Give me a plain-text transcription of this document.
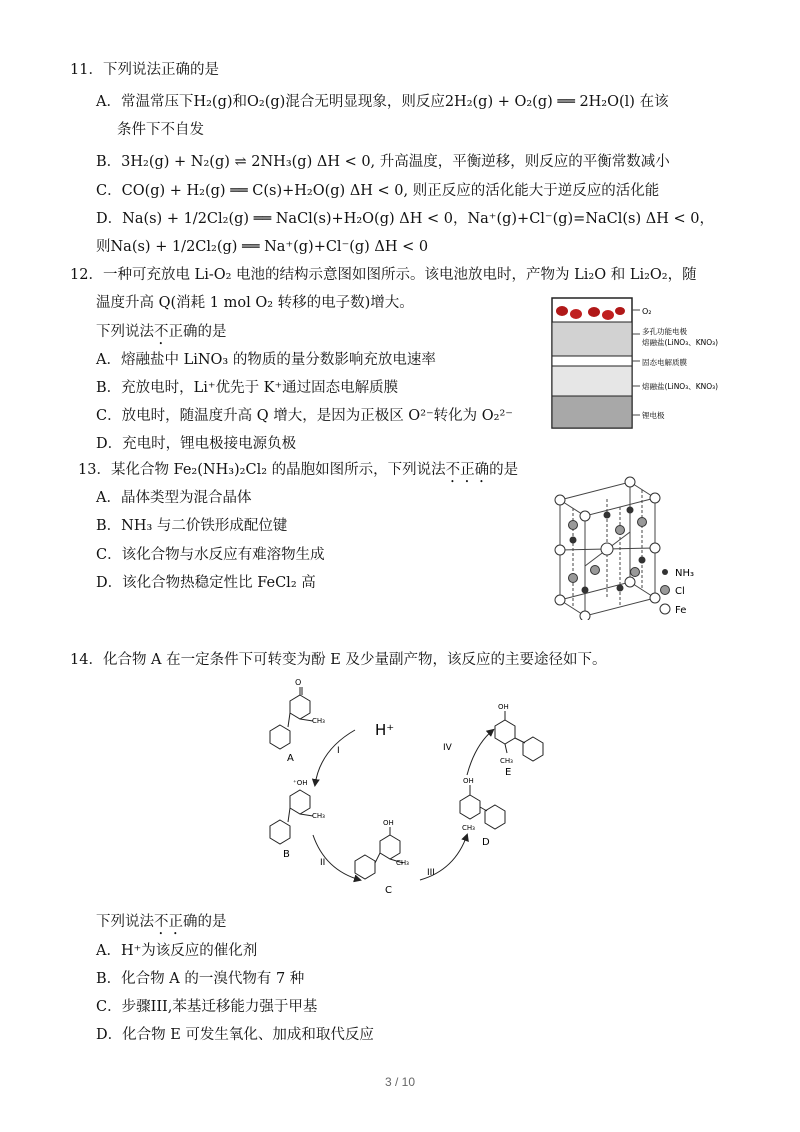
11．下列说法正确的是
A．常温常压下H₂(g)和O₂(g)混合无明显现象，则反应2H₂(g) + O₂(g) ══ 2H₂O(l) 在该
条件下不自发
B．3H₂(g) + N₂(g) ⇌ 2NH₃(g) ΔH < 0, 升高温度，平衡逆移，则反应的平衡常数减小
C．CO(g) + H₂(g) ══ C(s)+H₂O(g) ΔH < 0, 则正反应的活化能大于逆反应的活化能
D．Na(s) + 1/2Cl₂(g) ══ NaCl(s)+H₂O(g) ΔH < 0，Na⁺(g)+Cl⁻(g)=NaCl(s) ΔH < 0，
则Na(s) + 1/2Cl₂(g) ══ Na⁺(g)+Cl⁻(g) ΔH < 0
12．一种可充放电 Li-O₂ 电池的结构示意图如图所示。该电池放电时，产物为 Li₂O 和 Li₂O₂，随
温度升高 Q(消耗 1 mol O₂ 转移的电子数)增大。
下列说法不正确的是
A．熔融盐中 LiNO₃ 的物质的量分数影响充放电速率
B．充放电时，Li⁺优先于 K⁺通过固态电解质膜
C．放电时，随温度升高 Q 增大，是因为正极区 O²⁻转化为 O₂²⁻
D．充电时，锂电极接电源负极
O₂
多孔功能电极
熔融盐(LiNO₃、KNO₃)
固态电解质膜
熔融盐(LiNO₃、KNO₃)
锂电极
13．某化合物 Fe₂(NH₃)₂Cl₂ 的晶胞如图所示，下列说法不正确的是
A．晶体类型为混合晶体
B．NH₃ 与二价铁形成配位键
C．该化合物与水反应有难溶物生成
D．该化合物热稳定性比 FeCl₂ 高
NH₃
Cl
Fe
14．化合物 A 在一定条件下可转变为酚 E 及少量副产物，该反应的主要途径如下。
H⁺
O
CH₃
A
I
⁺OH
CH₃
B
II
OH
CH₃
C
III
OH
CH₃
D
IV
OH
CH₃
E
下列说法不正确的是
A．H⁺为该反应的催化剂
B．化合物 A 的一溴代物有 7 种
C．步骤III,苯基迁移能力强于甲基
D．化合物 E 可发生氧化、加成和取代反应
3 / 10
